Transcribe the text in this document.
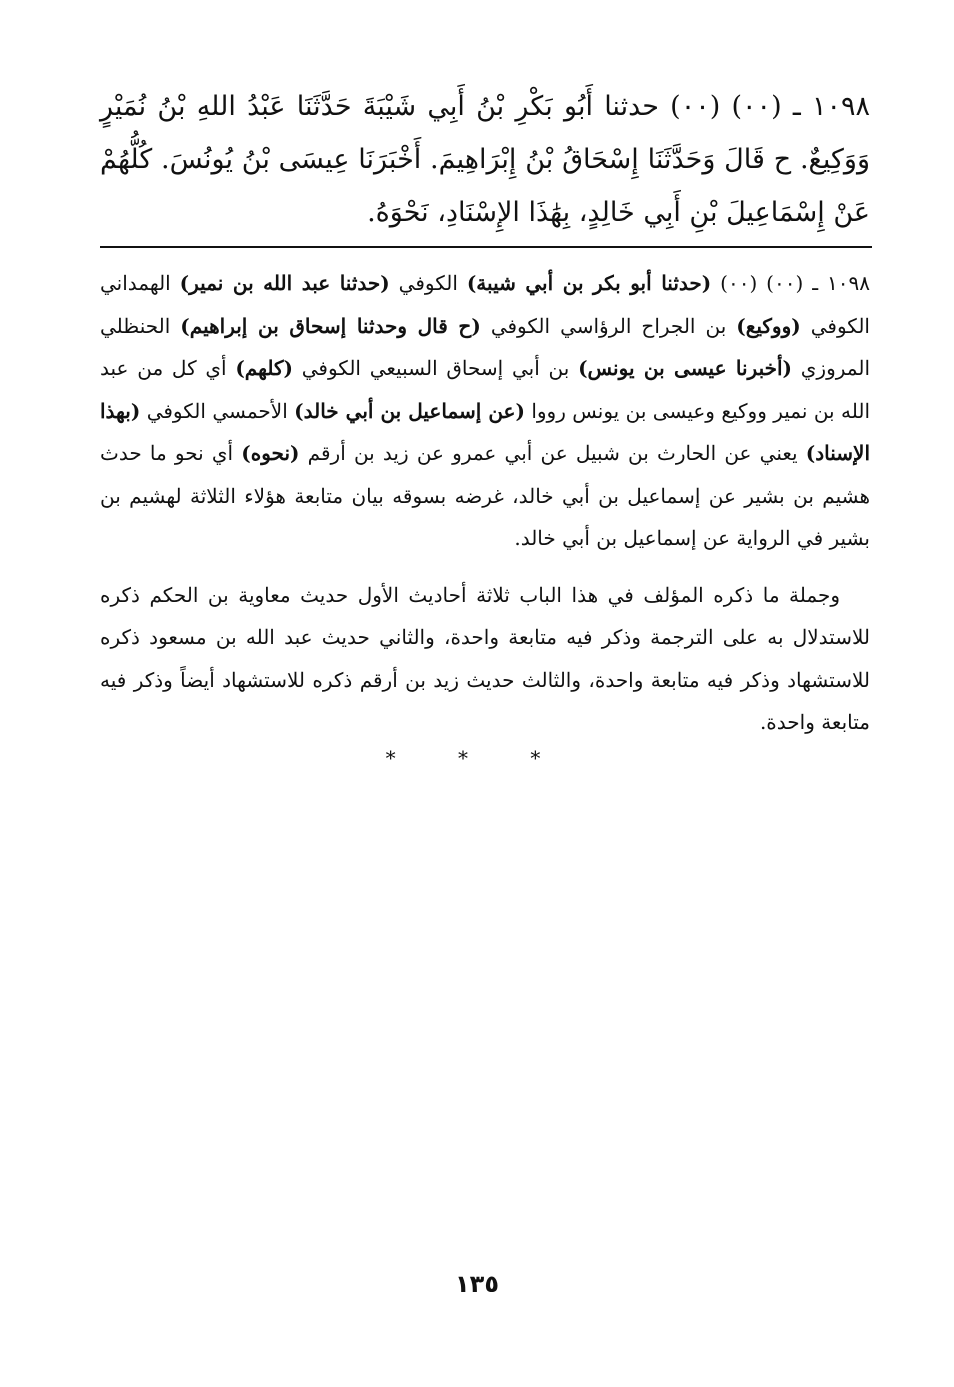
١٠٩٨ ـ (٠٠) (٠٠) حدثنا أَبُو بَكْرِ بْنُ أَبِي شَيْبَةَ حَدَّثَنَا عَبْدُ اللهِ بْنُ نُمَيْرٍ وَوَكِيعٌ. ح قَالَ وَحَدَّثَنَا إِسْحَاقُ بْنُ إِبْرَاهِيمَ. أَخْبَرَنَا عِيسَى بْنُ يُونُسَ. كُلُّهُمْ عَنْ إِسْمَاعِيلَ بْنِ أَبِي خَالِدٍ، بِهَٰذَا الإِسْنَادِ، نَحْوَهُ.

١٠٩٨ ـ (٠٠) (٠٠) (حدثنا أبو بكر بن أبي شيبة) الكوفي (حدثنا عبد الله بن نمير) الهمداني الكوفي (ووكيع) بن الجراح الرؤاسي الكوفي (ح قال وحدثنا إسحاق بن إبراهيم) الحنظلي المروزي (أخبرنا عيسى بن يونس) بن أبي إسحاق السبيعي الكوفي (كلهم) أي كل من عبد الله بن نمير ووكيع وعيسى بن يونس رووا (عن إسماعيل بن أبي خالد) الأحمسي الكوفي (بهذا الإسناد) يعني عن الحارث بن شبيل عن أبي عمرو عن زيد بن أرقم (نحوه) أي نحو ما حدث هشيم بن بشير عن إسماعيل بن أبي خالد، غرضه بسوقه بيان متابعة هؤلاء الثلاثة لهشيم بن بشير في الرواية عن إسماعيل بن أبي خالد.

وجملة ما ذكره المؤلف في هذا الباب ثلاثة أحاديث الأول حديث معاوية بن الحكم ذكره للاستدلال به على الترجمة وذكر فيه متابعة واحدة، والثاني حديث عبد الله بن مسعود ذكره للاستشهاد وذكر فيه متابعة واحدة، والثالث حديث زيد بن أرقم ذكره للاستشهاد أيضاً وذكر فيه متابعة واحدة.

* * *
١٣٥
